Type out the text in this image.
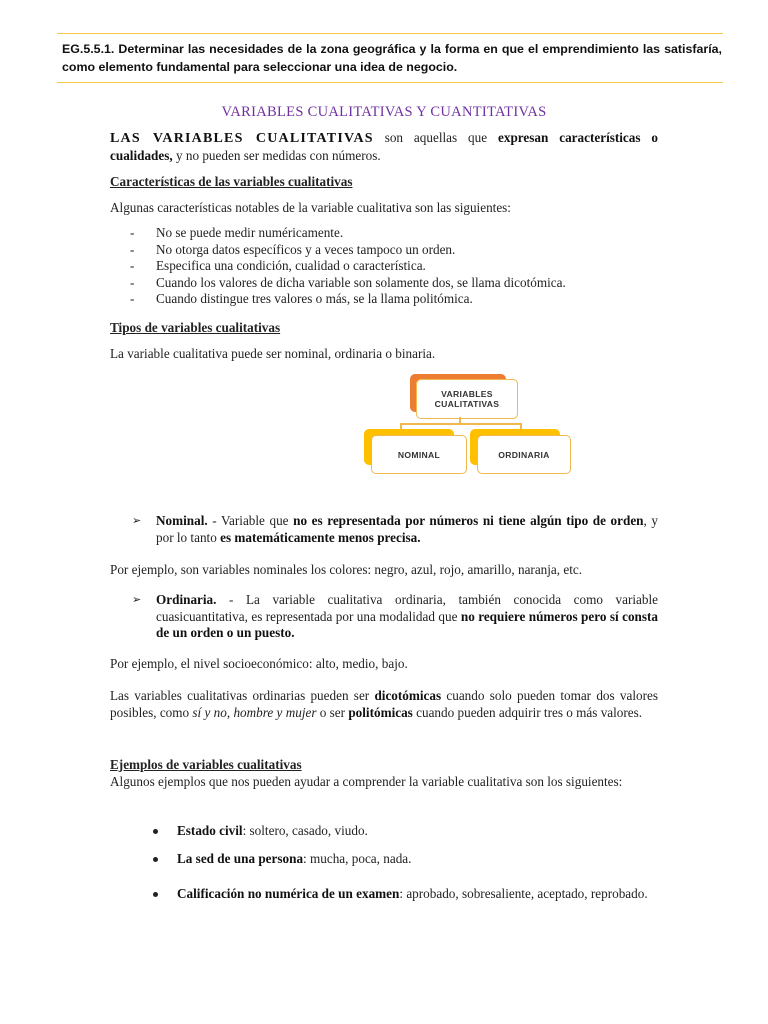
EG.5.5.1. Determinar las necesidades de la zona geográfica y la forma en que el emprendimiento las satisfaría, como elemento fundamental para seleccionar una idea de negocio.
VARIABLES CUALITATIVAS Y CUANTITATIVAS
LAS VARIABLES CUALITATIVAS son aquellas que expresan características o cualidades, y no pueden ser medidas con números.
Características de las variables cualitativas
Algunas características notables de la variable cualitativa son las siguientes:
- No se puede medir numéricamente.
- No otorga datos específicos y a veces tampoco un orden.
- Especifica una condición, cualidad o característica.
- Cuando los valores de dicha variable son solamente dos, se llama dicotómica.
- Cuando distingue tres valores o más, se la llama politómica.
Tipos de variables cualitativas
La variable cualitativa puede ser nominal, ordinaria o binaria.
VARIABLES CUALITATIVAS
NOMINAL	ORDINARIA
➢ Nominal. - Variable que no es representada por números ni tiene algún tipo de orden, y por lo tanto es matemáticamente menos precisa.
Por ejemplo, son variables nominales los colores: negro, azul, rojo, amarillo, naranja, etc.
➢ Ordinaria. - La variable cualitativa ordinaria, también conocida como variable cuasicuantitativa, es representada por una modalidad que no requiere números pero sí consta de un orden o un puesto.
Por ejemplo, el nivel socioeconómico: alto, medio, bajo.
Las variables cualitativas ordinarias pueden ser dicotómicas cuando solo pueden tomar dos valores posibles, como sí y no, hombre y mujer o ser politómicas cuando pueden adquirir tres o más valores.
Ejemplos de variables cualitativas
Algunos ejemplos que nos pueden ayudar a comprender la variable cualitativa son los siguientes:
Estado civil: soltero, casado, viudo.
La sed de una persona: mucha, poca, nada.
Calificación no numérica de un examen: aprobado, sobresaliente, aceptado, reprobado.
